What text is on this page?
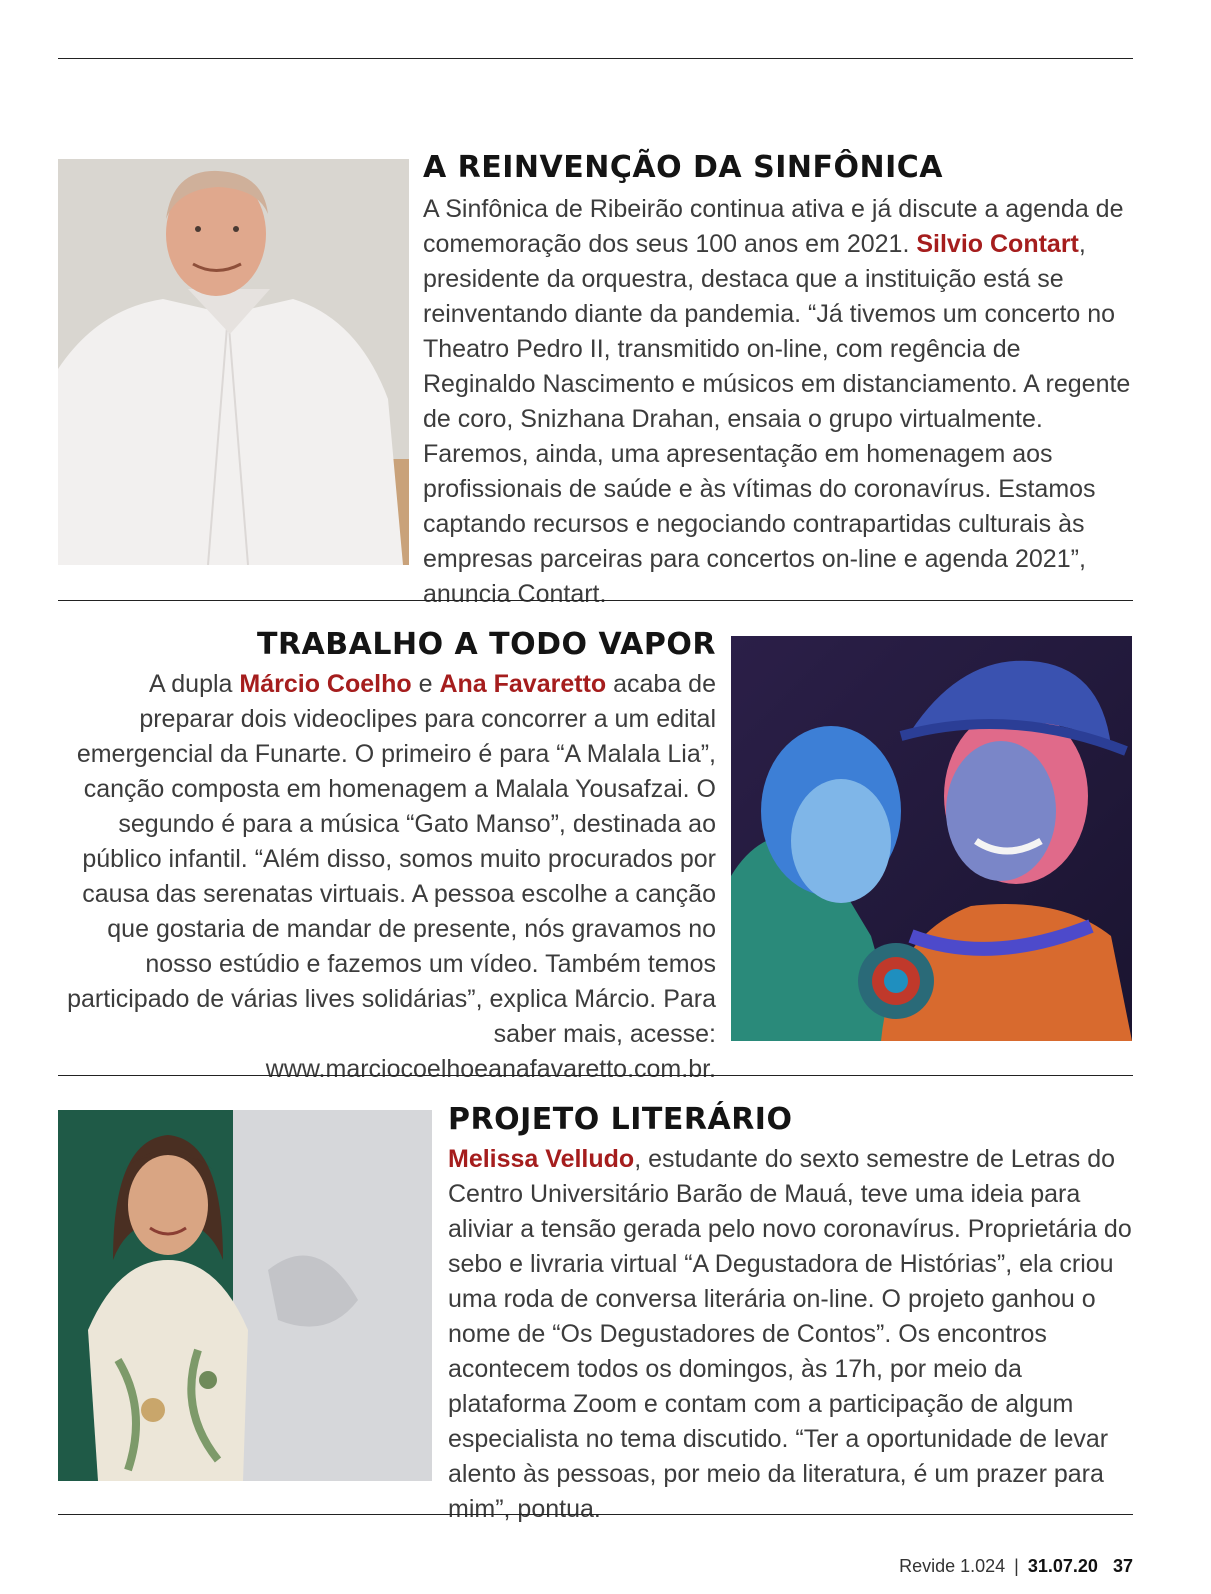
A REINVENÇÃO DA SINFÔNICA

A Sinfônica de Ribeirão continua ativa e já discute a agenda de comemoração dos seus 100 anos em 2021. Silvio Contart, presidente da orquestra, destaca que a instituição está se reinventando diante da pandemia. “Já tivemos um concerto no Theatro Pedro II, transmitido on-line, com regência de Reginaldo Nascimento e músicos em distanciamento. A regente de coro, Snizhana Drahan, ensaia o grupo virtualmente. Faremos, ainda, uma apresentação em homenagem aos profissionais de saúde e às vítimas do coronavírus. Estamos captando recursos e negociando contrapartidas culturais às empresas parceiras para concertos on-line e agenda 2021”, anuncia Contart.

TRABALHO A TODO VAPOR

A dupla Márcio Coelho e Ana Favaretto acaba de preparar dois videoclipes para concorrer a um edital emergencial da Funarte. O primeiro é para “A Malala Lia”, canção composta em homenagem a Malala Yousafzai. O segundo é para a música “Gato Manso”, destinada ao público infantil. “Além disso, somos muito procurados por causa das serenatas virtuais. A pessoa escolhe a canção que gostaria de mandar de presente, nós gravamos no nosso estúdio e fazemos um vídeo. Também temos participado de várias lives solidárias”, explica Márcio. Para saber mais, acesse: www.marciocoelhoeanafavaretto.com.br.

PROJETO LITERÁRIO

Melissa Velludo, estudante do sexto semestre de Letras do Centro Universitário Barão de Mauá, teve uma ideia para aliviar a tensão gerada pelo novo coronavírus. Proprietária do sebo e livraria virtual “A Degustadora de Histórias”, ela criou uma roda de conversa literária on-line. O projeto ganhou o nome de “Os Degustadores de Contos”. Os encontros acontecem todos os domingos, às 17h, por meio da plataforma Zoom e contam com a participação de algum especialista no tema discutido. “Ter a oportunidade de levar alento às pessoas, por meio da literatura, é um prazer para mim”, pontua.

Revide 1.024 | 31.07.20 37
